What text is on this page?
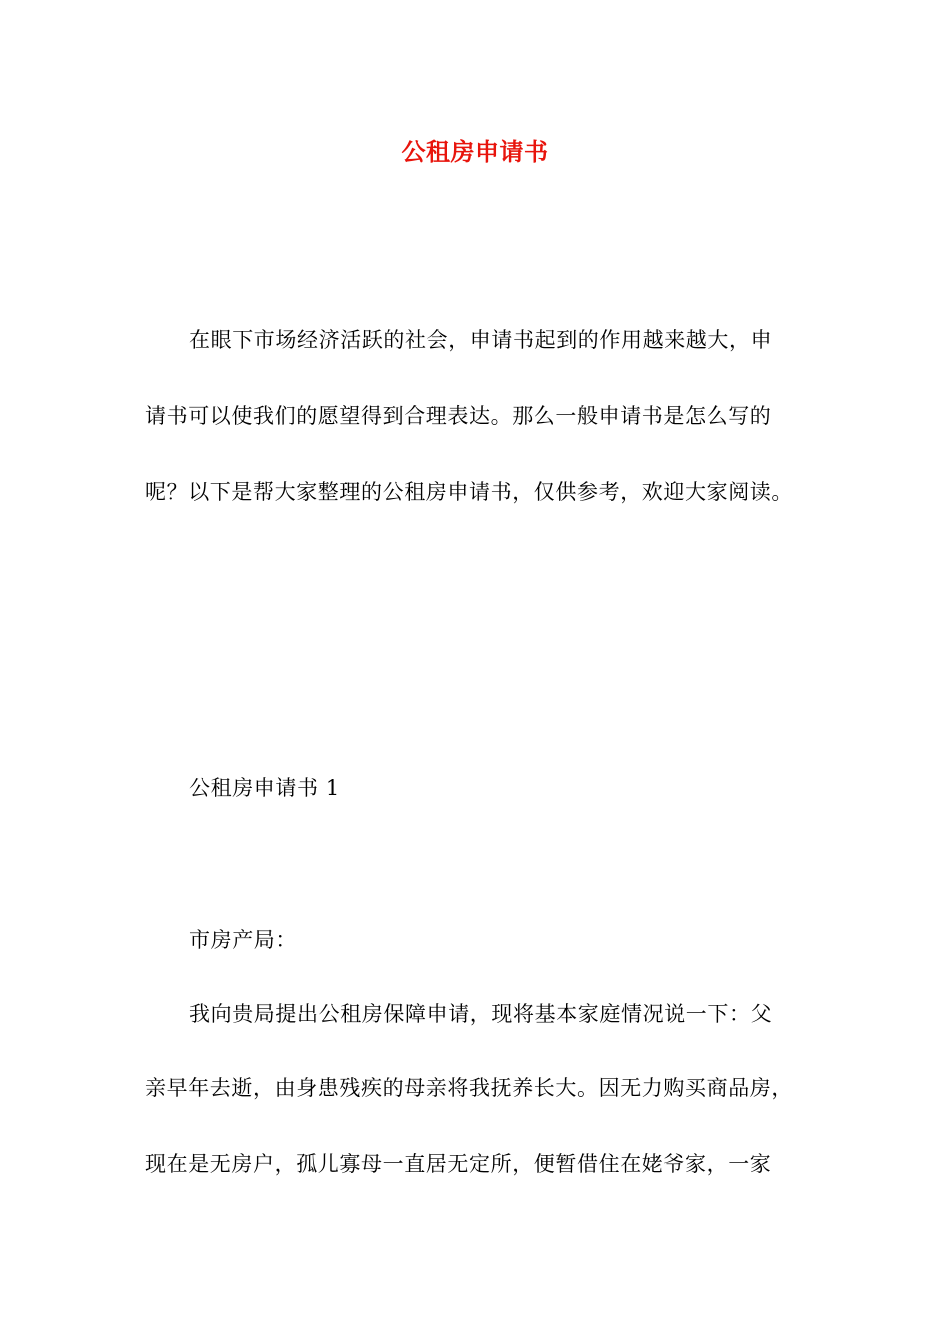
公租房申请书
在眼下市场经济活跃的社会，申请书起到的作用越来越大，申
请书可以使我们的愿望得到合理表达。那么一般申请书是怎么写的
呢？以下是帮大家整理的公租房申请书，仅供参考，欢迎大家阅读。
公租房申请书 1
市房产局：
我向贵局提出公租房保障申请，现将基本家庭情况说一下：父
亲早年去逝，由身患残疾的母亲将我抚养长大。因无力购买商品房，
现在是无房户，孤儿寡母一直居无定所，便暂借住在姥爷家，一家
